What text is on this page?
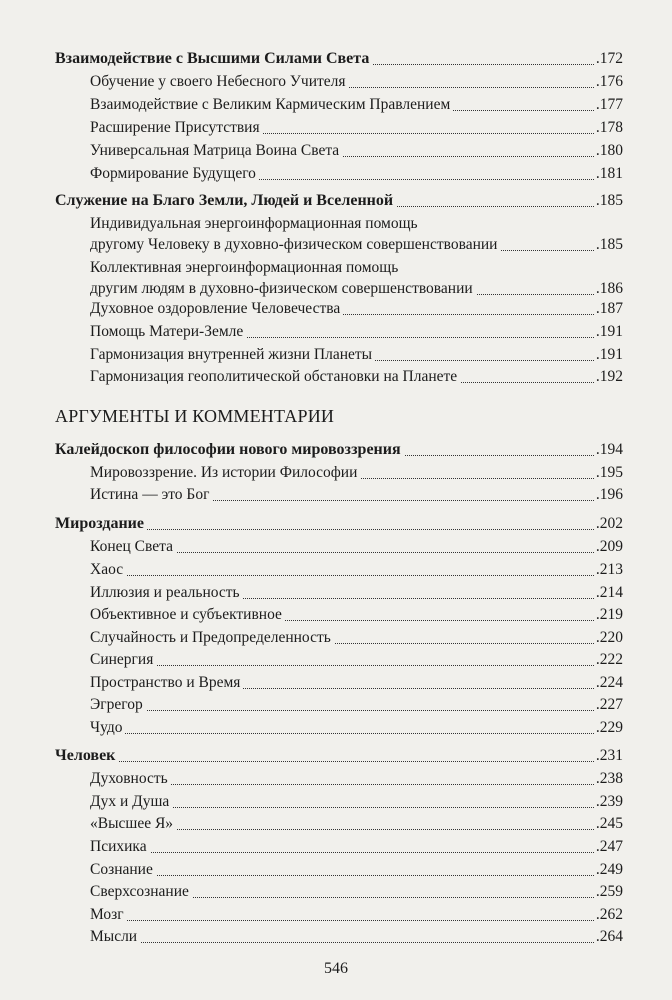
Взаимодействие с Высшими Силами Света	.172
Обучение у своего Небесного Учителя	.176
Взаимодействие с Великим Кармическим Правлением	.177
Расширение Присутствия	.178
Универсальная Матрица Воина Света	.180
Формирование Будущего	.181
Служение на Благо Земли, Людей и Вселенной	.185
Индивидуальная энергоинформационная помощь
другому Человеку в духовно-физическом совершенствовании	.185
Коллективная энергоинформационная помощь
другим людям в духовно-физическом совершенствовании	.186
Духовное оздоровление Человечества	.187
Помощь Матери-Земле	.191
Гармонизация внутренней жизни Планеты	.191
Гармонизация геополитической обстановки на Планете	.192
АРГУМЕНТЫ И КОММЕНТАРИИ
Калейдоскоп философии нового мировоззрения	.194
Мировоззрение. Из истории Философии	.195
Истина — это Бог	.196
Мироздание	.202
Конец Света	.209
Хаос	.213
Иллюзия и реальность	.214
Объективное и субъективное	.219
Случайность и Предопределенность	.220
Синергия	.222
Пространство и Время	.224
Эгрегор	.227
Чудо	.229
Человек	.231
Духовность	.238
Дух и Душа	.239
«Высшее Я»	.245
Психика	.247
Сознание	.249
Сверхсознание	.259
Мозг	.262
Мысли	.264
546
